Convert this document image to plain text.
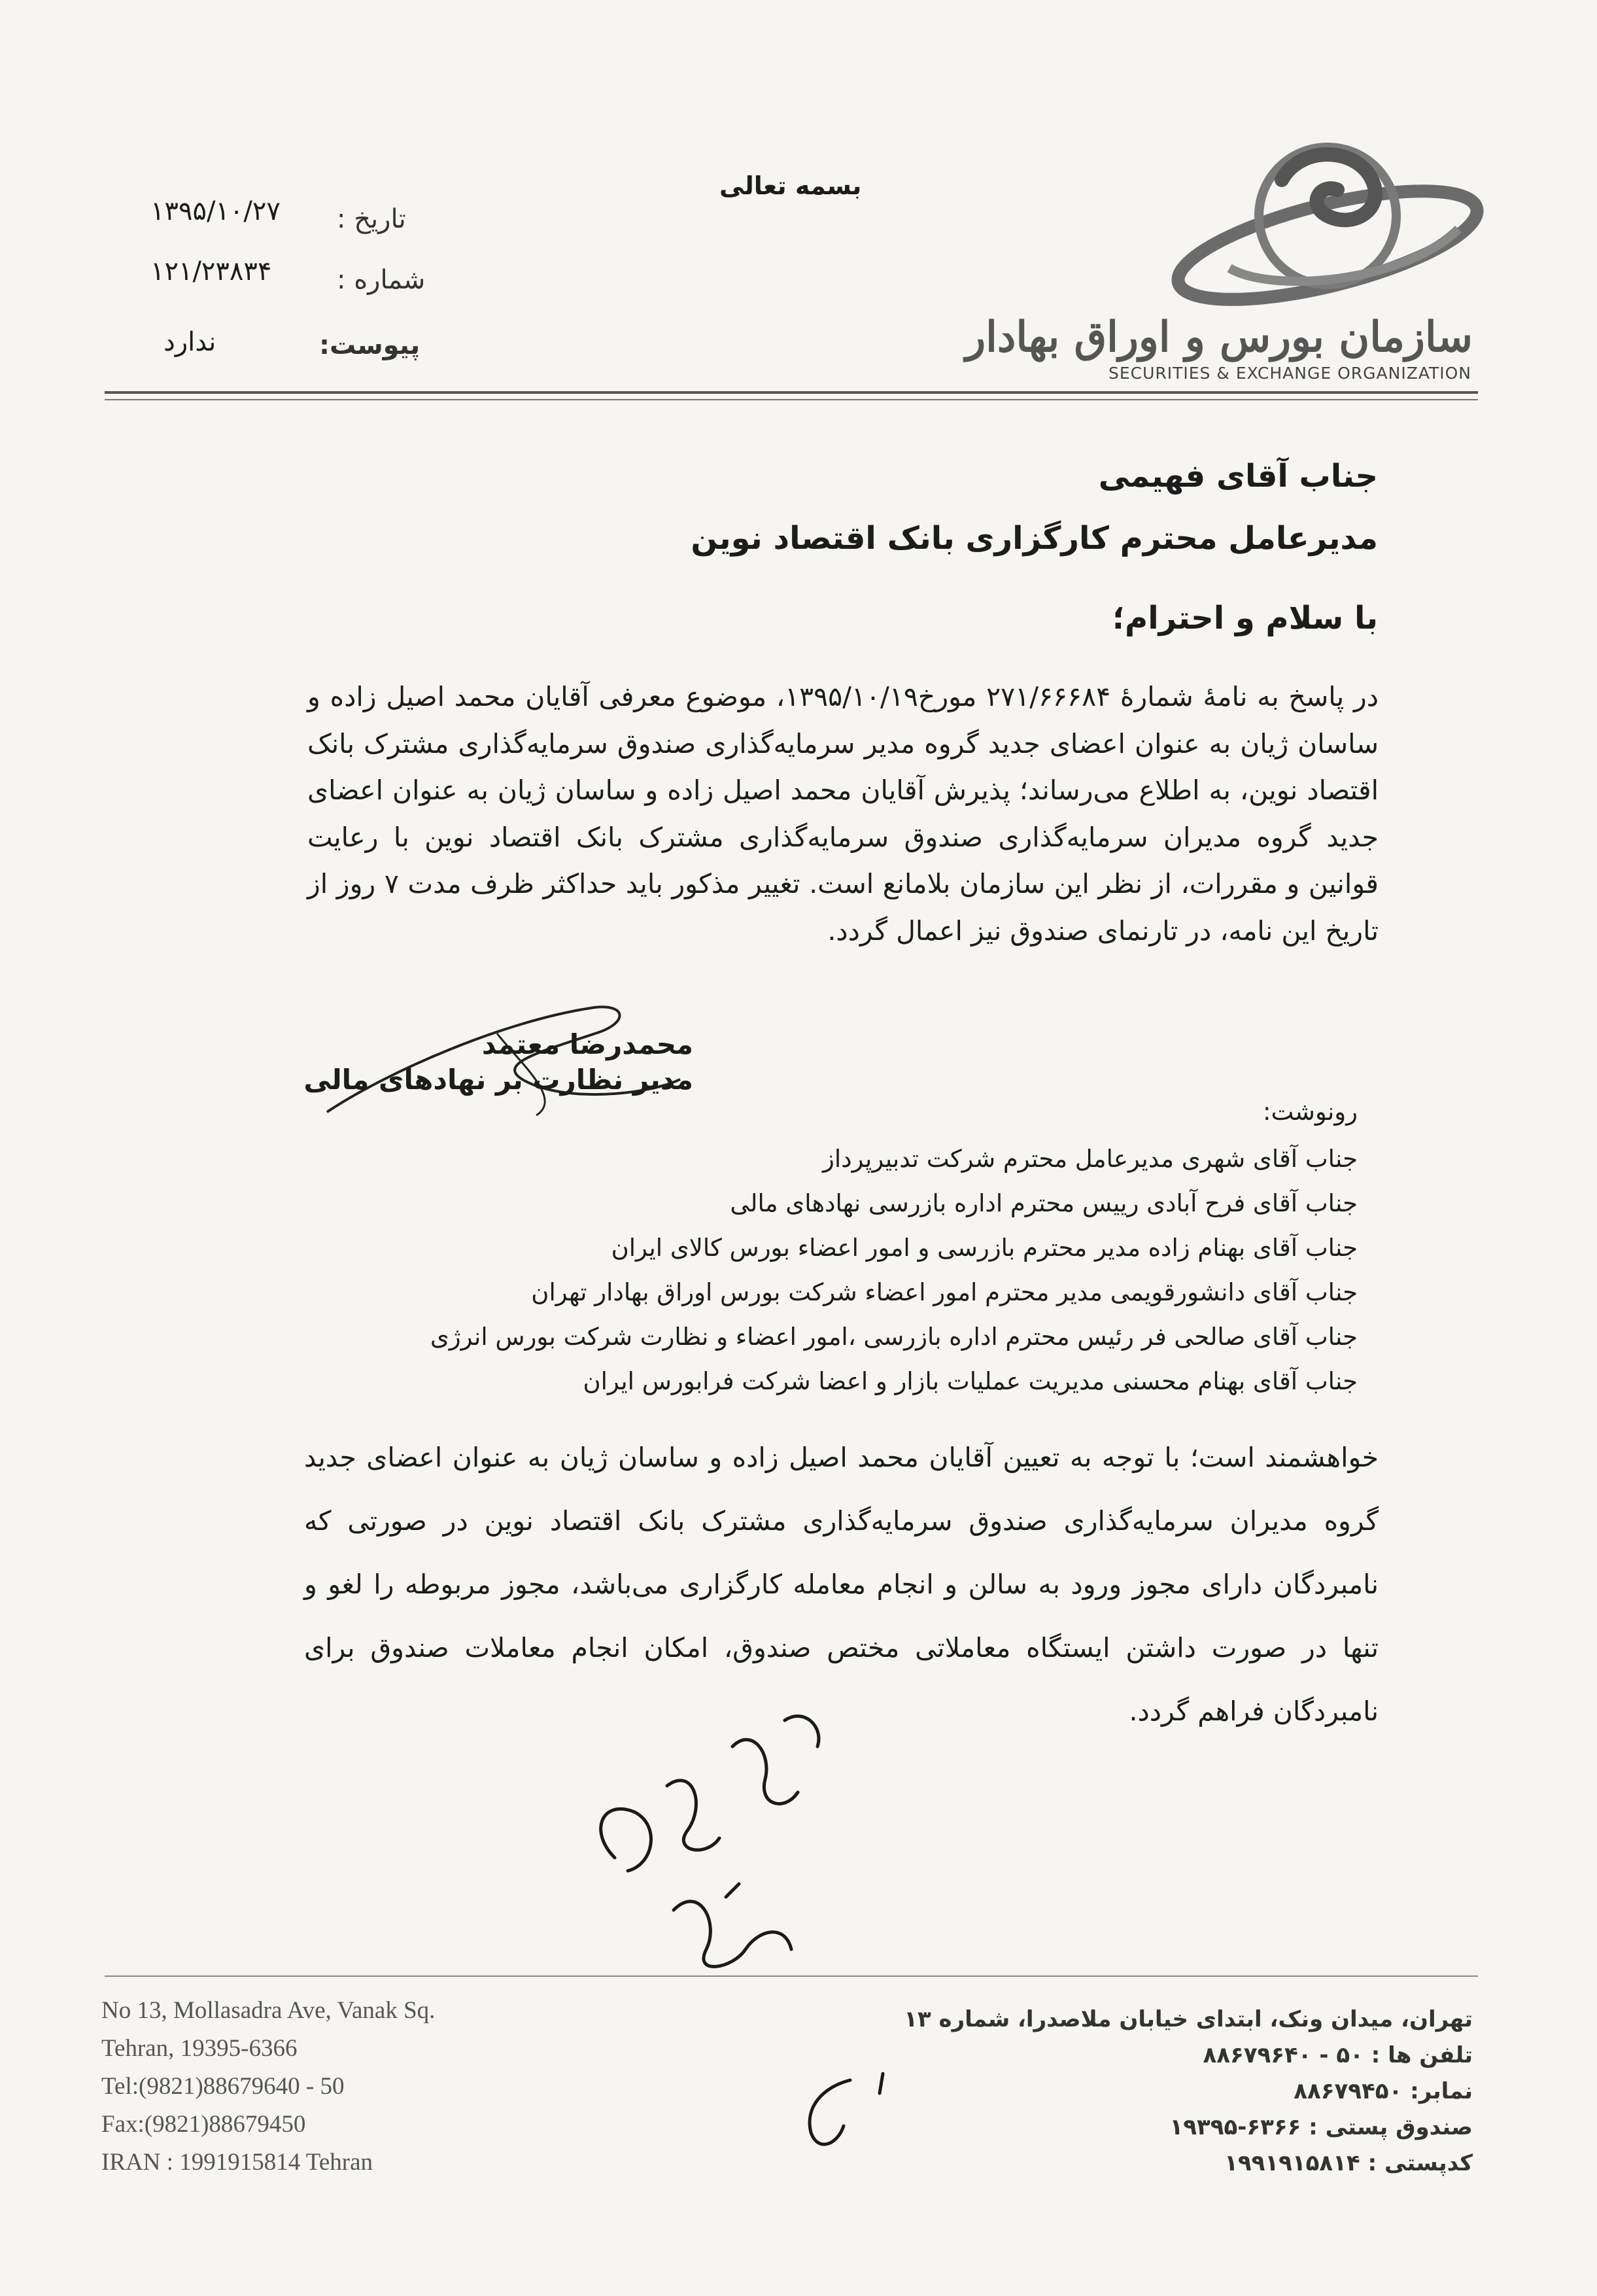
سازمان بورس و اوراق بهادار
SECURITIES & EXCHANGE ORGANIZATION
بسمه تعالی
تاریخ :
۱۳۹۵/۱۰/۲۷
شماره :
۱۲۱/۲۳۸۳۴
پیوست:
ندارد
جناب آقای فهیمی
مدیرعامل محترم کارگزاری بانک اقتصاد نوین
با سلام و احترام؛
در پاسخ به نامهٔ شمارهٔ ۲۷۱/۶۶۶۸۴ مورخ۱۳۹۵/۱۰/۱۹، موضوع معرفی آقایان محمد اصیل زاده و ساسان ژیان به عنوان اعضای جدید گروه مدیر سرمایه‌گذاری صندوق سرمایه‌گذاری مشترک بانک اقتصاد نوین، به اطلاع می‌رساند؛ پذیرش آقایان محمد اصیل زاده و ساسان ژیان به عنوان اعضای جدید گروه مدیران سرمایه‌گذاری صندوق سرمایه‌گذاری مشترک بانک اقتصاد نوین با رعایت قوانین و مقررات، از نظر این سازمان بلامانع است. تغییر مذکور باید حداکثر ظرف مدت ۷ روز از تاریخ این نامه، در تارنمای صندوق نیز اعمال گردد.
محمدرضا معتمد
مدیر نظارت بر نهادهای مالی
رونوشت:
جناب آقای شهری مدیرعامل محترم شرکت تدبیرپرداز
جناب آقای فرح آبادی رییس محترم اداره بازرسی نهادهای مالی
جناب آقای بهنام زاده مدیر محترم بازرسی و امور اعضاء بورس کالای ایران
جناب آقای دانشورقویمی مدیر محترم امور اعضاء شرکت بورس اوراق بهادار تهران
جناب آقای صالحی فر رئیس محترم اداره بازرسی ،امور اعضاء و نظارت شرکت بورس انرژی
جناب آقای بهنام محسنی مدیریت عملیات بازار و اعضا شرکت فرابورس ایران
خواهشمند است؛ با توجه به تعیین آقایان محمد اصیل زاده و ساسان ژیان به عنوان اعضای جدید گروه مدیران سرمایه‌گذاری صندوق سرمایه‌گذاری مشترک بانک اقتصاد نوین در صورتی که نامبردگان دارای مجوز ورود به سالن و انجام معامله کارگزاری می‌باشد، مجوز مربوطه را لغو و تنها در صورت داشتن ایستگاه معاملاتی مختص صندوق، امکان انجام معاملات صندوق برای نامبردگان فراهم گردد.
No 13, Mollasadra Ave, Vanak Sq.
Tehran, 19395-6366
Tel:(9821)88679640 - 50
Fax:(9821)88679450
IRAN : 1991915814 Tehran
تهران، میدان ونک، ابتدای خیابان ملاصدرا، شماره ۱۳
تلفن ها : ۵۰ - ۸۸۶۷۹۶۴۰
نمابر: ۸۸۶۷۹۴۵۰
صندوق پستی : ۶۳۶۶-۱۹۳۹۵
کدپستی : ۱۹۹۱۹۱۵۸۱۴
